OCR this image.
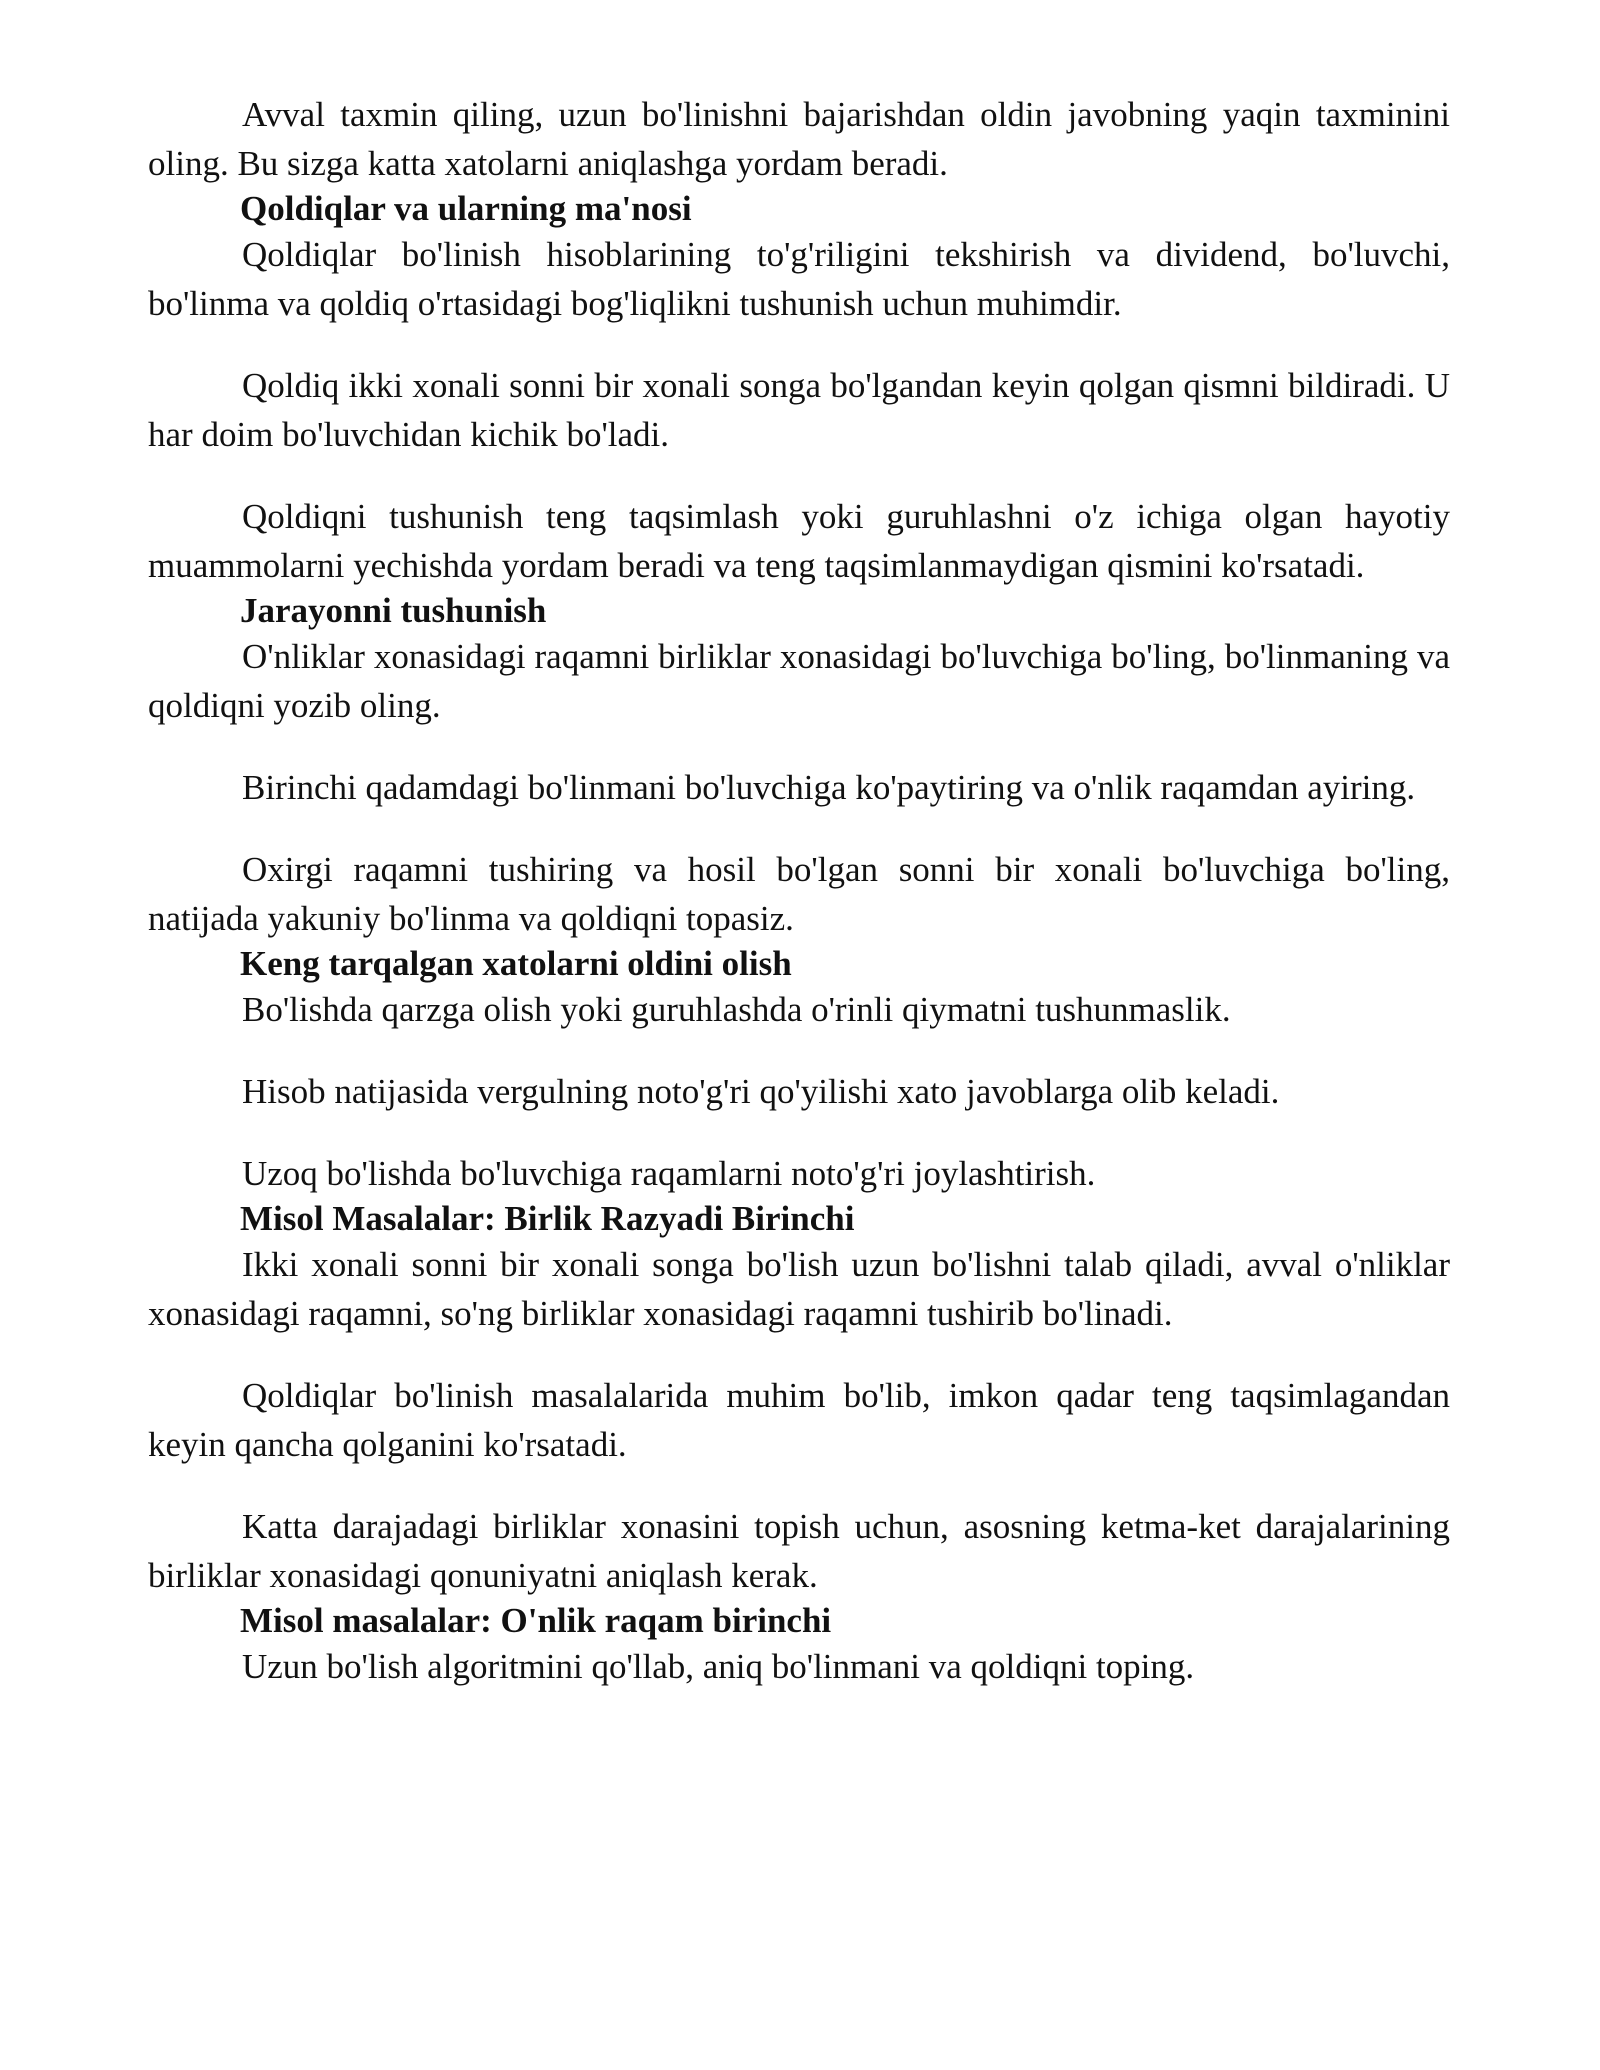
Avval taxmin qiling, uzun bo'linishni bajarishdan oldin javobning yaqin taxminini oling. Bu sizga katta xatolarni aniqlashga yordam beradi.

Qoldiqlar va ularning ma'nosi

Qoldiqlar bo'linish hisoblarining to'g'riligini tekshirish va dividend, bo'luvchi, bo'linma va qoldiq o'rtasidagi bog'liqlikni tushunish uchun muhimdir.

Qoldiq ikki xonali sonni bir xonali songa bo'lgandan keyin qolgan qismni bildiradi. U har doim bo'luvchidan kichik bo'ladi.

Qoldiqni tushunish teng taqsimlash yoki guruhlashni o'z ichiga olgan hayotiy muammolarni yechishda yordam beradi va teng taqsimlanmaydigan qismini ko'rsatadi.

Jarayonni tushunish

O'nliklar xonasidagi raqamni birliklar xonasidagi bo'luvchiga bo'ling, bo'linmaning va qoldiqni yozib oling.

Birinchi qadamdagi bo'linmani bo'luvchiga ko'paytiring va o'nlik raqamdan ayiring.

Oxirgi raqamni tushiring va hosil bo'lgan sonni bir xonali bo'luvchiga bo'ling, natijada yakuniy bo'linma va qoldiqni topasiz.

Keng tarqalgan xatolarni oldini olish

Bo'lishda qarzga olish yoki guruhlashda o'rinli qiymatni tushunmaslik.

Hisob natijasida vergulning noto'g'ri qo'yilishi xato javoblarga olib keladi.

Uzoq bo'lishda bo'luvchiga raqamlarni noto'g'ri joylashtirish.

Misol Masalalar: Birlik Razyadi Birinchi

Ikki xonali sonni bir xonali songa bo'lish uzun bo'lishni talab qiladi, avval o'nliklar xonasidagi raqamni, so'ng birliklar xonasidagi raqamni tushirib bo'linadi.

Qoldiqlar bo'linish masalalarida muhim bo'lib, imkon qadar teng taqsimlagandan keyin qancha qolganini ko'rsatadi.

Katta darajadagi birliklar xonasini topish uchun, asosning ketma-ket darajalarining birliklar xonasidagi qonuniyatni aniqlash kerak.

Misol masalalar: O'nlik raqam birinchi

Uzun bo'lish algoritmini qo'llab, aniq bo'linmani va qoldiqni toping.
